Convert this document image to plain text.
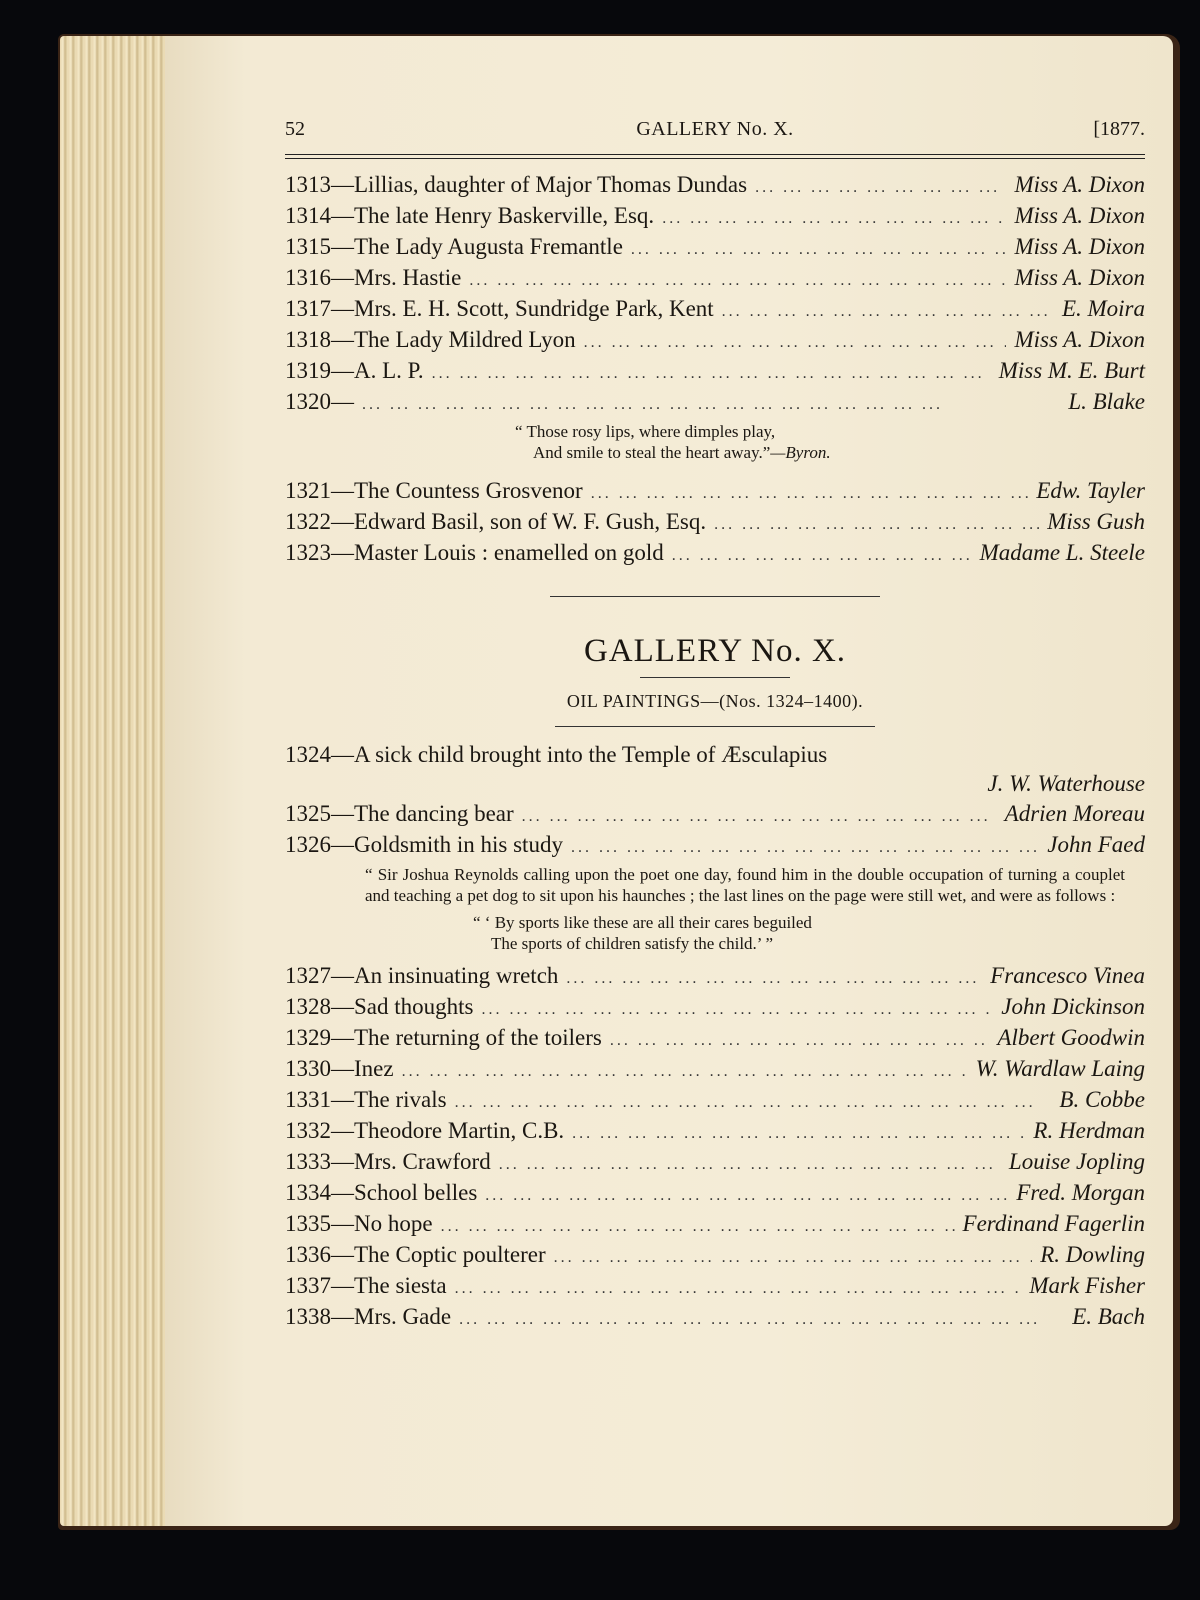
52	GALLERY No. X.	[1877.
1313 —Lillias, daughter of Major Thomas Dundas ... .	Miss A. Dixon
1314 —The late Henry Baskerville, Esq. ... .	Miss A. Dixon
1315 —The Lady Augusta Fremantle ... .	Miss A. Dixon
1316 —Mrs. Hastie ... .	Miss A. Dixon
1317 —Mrs. E. H. Scott, Sundridge Park, Kent ... .	E. Moira
1318 —The Lady Mildred Lyon ... .	Miss A. Dixon
1319 —A. L. P. ... .	Miss M. E. Burt
1320 — ... .	L. Blake
“ Those rosy lips, where dimples play,
And smile to steal the heart away.”—Byron.
1321 —The Countess Grosvenor ... .	Edw. Tayler
1322 —Edward Basil, son of W. F. Gush, Esq. ... .	Miss Gush
1323 —Master Louis : enamelled on gold ... .	Madame L. Steele
GALLERY No. X.
OIL PAINTINGS—(Nos. 1324–1400).
1324 —A sick child brought into the Temple of Æsculapius
J. W. Waterhouse
1325 —The dancing bear ... .	Adrien Moreau
1326 —Goldsmith in his study ... .	John Faed
“ Sir Joshua Reynolds calling upon the poet one day, found him in the double occupation of turning a couplet and teaching a pet dog to sit upon his haunches ; the last lines on the page were still wet, and were as follows :
“ ‘ By sports like these are all their cares beguiled
The sports of children satisfy the child.’ ”
1327 —An insinuating wretch ... .	Francesco Vinea
1328 —Sad thoughts ... .	John Dickinson
1329 —The returning of the toilers ... .	Albert Goodwin
1330 —Inez ... .	W. Wardlaw Laing
1331 —The rivals ... .	B. Cobbe
1332 —Theodore Martin, C.B. ... .	R. Herdman
1333 —Mrs. Crawford ... .	Louise Jopling
1334 —School belles ... .	Fred. Morgan
1335 —No hope ... .	Ferdinand Fagerlin
1336 —The Coptic poulterer ... .	R. Dowling
1337 —The siesta ... .	Mark Fisher
1338 —Mrs. Gade ... .	E. Bach
